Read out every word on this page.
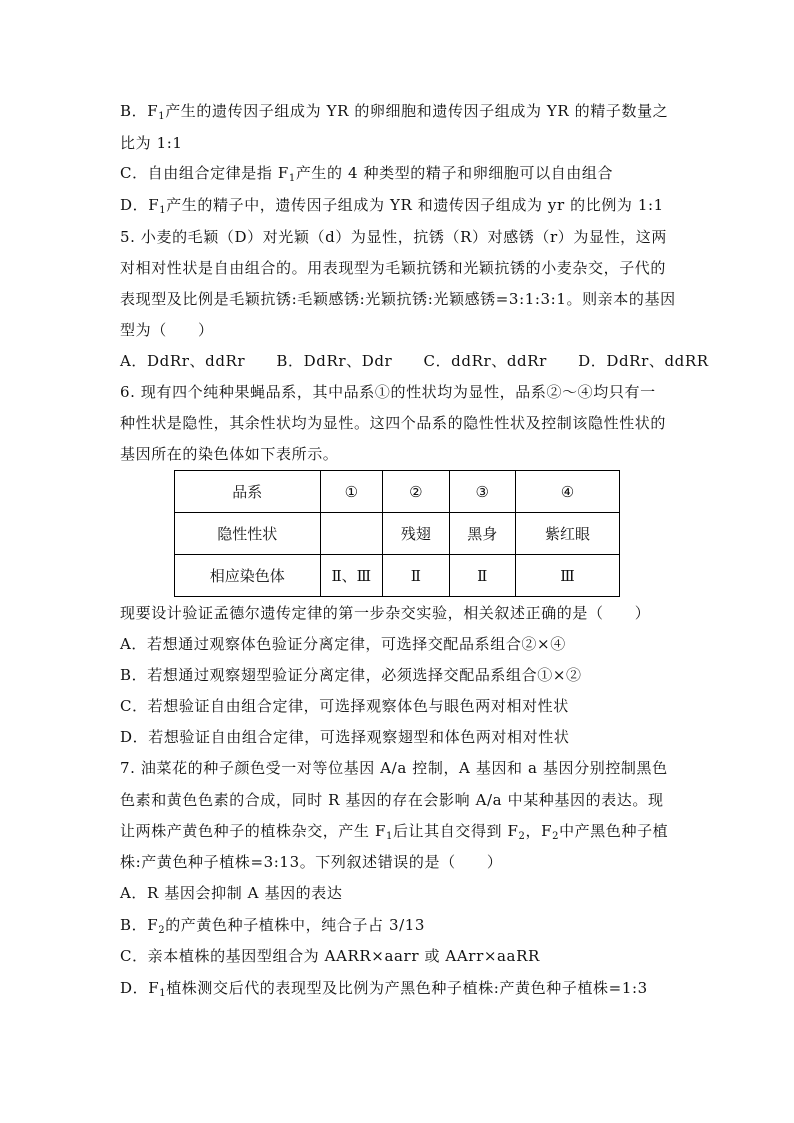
B．$F_1$产生的遗传因子组成为 YR 的卵细胞和遗传因子组成为 YR 的精子数量之
比为 1:1
C．自由组合定律是指 $F_1$产生的 4 种类型的精子和卵细胞可以自由组合
D．$F_1$产生的精子中，遗传因子组成为 YR 和遗传因子组成为 yr 的比例为 1:1
5. 小麦的毛颖（D）对光颖（d）为显性，抗锈（R）对感锈（r）为显性，这两
对相对性状是自由组合的。用表现型为毛颖抗锈和光颖抗锈的小麦杂交，子代的
表现型及比例是毛颖抗锈:毛颖感锈:光颖抗锈:光颖感锈=3:1:3:1。则亲本的基因
型为（　　）
A．DdRr、ddRr　　B．DdRr、Ddr　　C．ddRr、ddRr　　D．DdRr、ddRR
6. 现有四个纯种果蝇品系，其中品系①的性状均为显性，品系②～④均只有一
种性状是隐性，其余性状均为显性。这四个品系的隐性性状及控制该隐性性状的
基因所在的染色体如下表所示。
品系	①	②	③	④
隐性性状		残翅	黑身	紫红眼
相应染色体	Ⅱ、Ⅲ	Ⅱ	Ⅱ	Ⅲ
现要设计验证孟德尔遗传定律的第一步杂交实验，相关叙述正确的是（　　）
A．若想通过观察体色验证分离定律，可选择交配品系组合②×④
B．若想通过观察翅型验证分离定律，必须选择交配品系组合①×②
C．若想验证自由组合定律，可选择观察体色与眼色两对相对性状
D．若想验证自由组合定律，可选择观察翅型和体色两对相对性状
7. 油菜花的种子颜色受一对等位基因 A/a 控制，A 基因和 a 基因分别控制黑色
色素和黄色色素的合成，同时 R 基因的存在会影响 A/a 中某种基因的表达。现
让两株产黄色种子的植株杂交，产生 $F_1$后让其自交得到 $F_2$，$F_2$中产黑色种子植
株:产黄色种子植株=3:13。下列叙述错误的是（　　）
A．R 基因会抑制 A 基因的表达
B．$F_2$的产黄色种子植株中，纯合子占 3/13
C．亲本植株的基因型组合为 AARR×aarr 或 AArr×aaRR
D．$F_1$植株测交后代的表现型及比例为产黑色种子植株:产黄色种子植株=1:3
